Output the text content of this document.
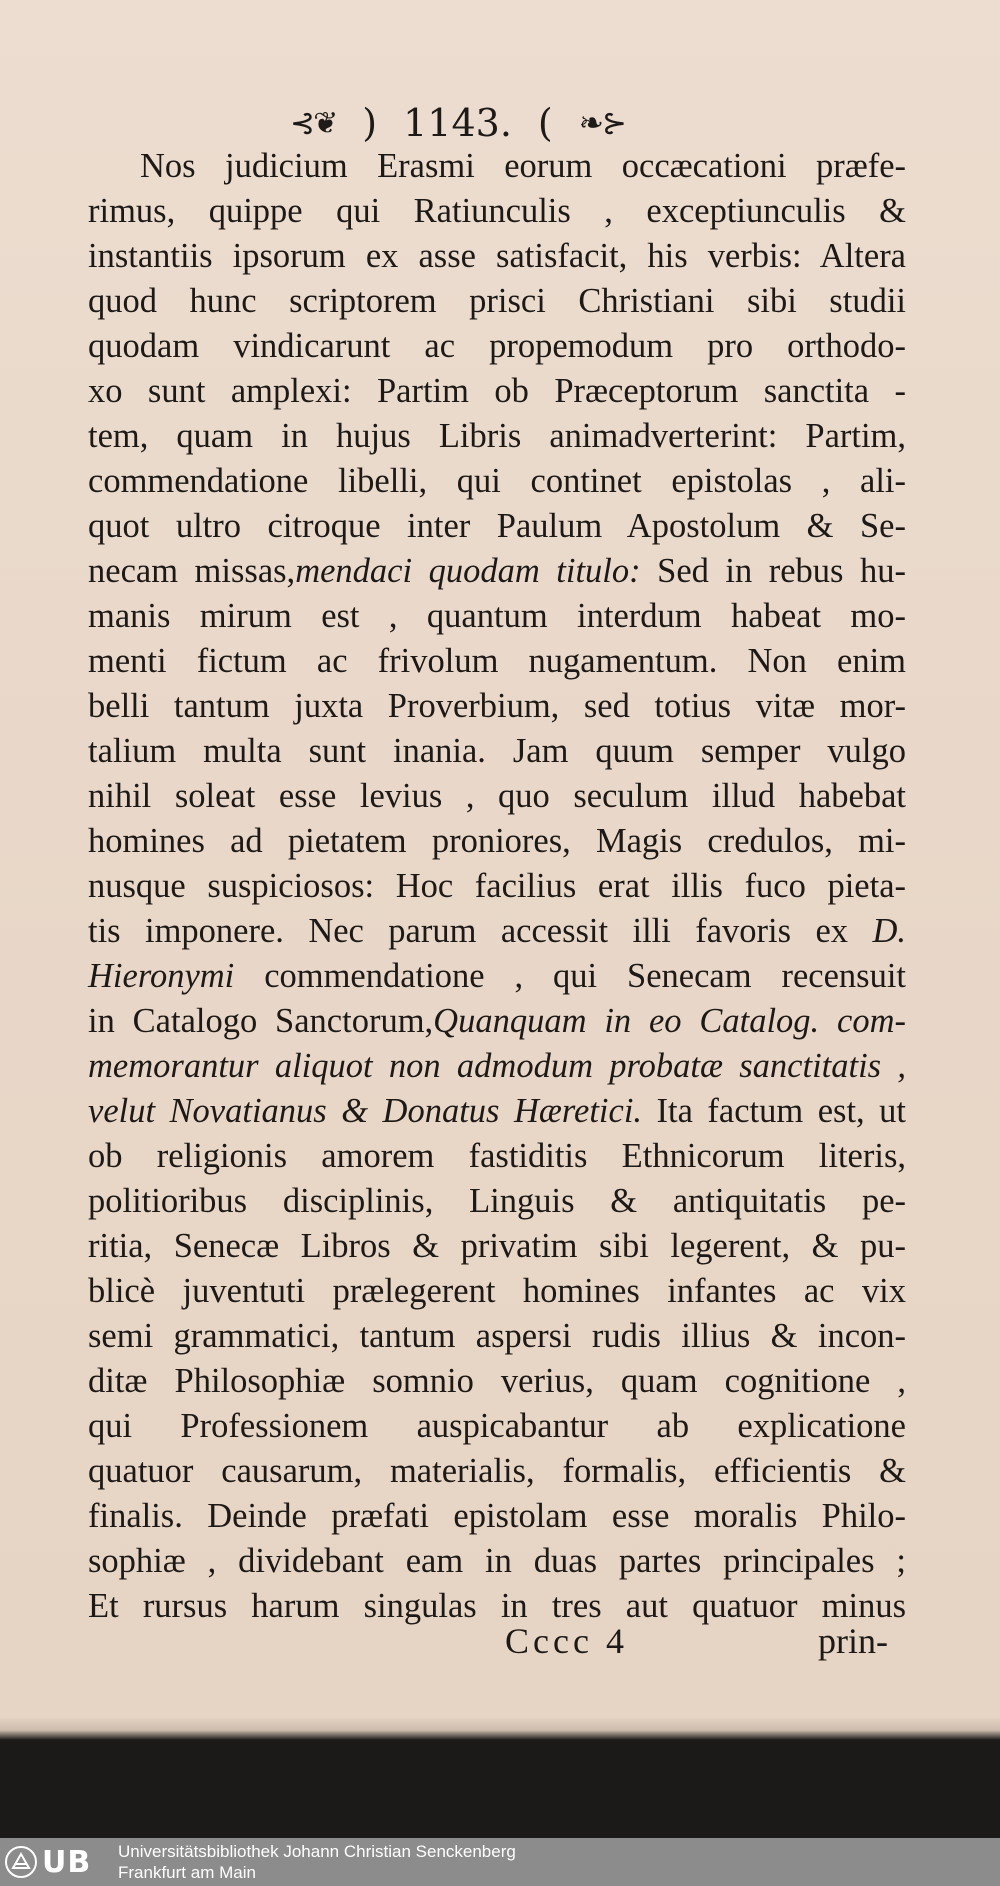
⊰❦ ) 1143. ( ❧⊱
Nos judicium Erasmi eorum occæcationi præfe-
rimus, quippe qui Ratiunculis , exceptiunculis &
instantiis ipsorum ex asse satisfacit, his verbis: Altera
quod hunc scriptorem prisci Christiani sibi studii
quodam vindicarunt ac propemodum pro orthodo-
xo sunt amplexi: Partim ob Præceptorum sanctita -
tem, quam in hujus Libris animadverterint: Partim,
commendatione libelli, qui continet epistolas , ali-
quot ultro citroque inter Paulum Apostolum & Se-
necam missas,mendaci quodam titulo: Sed in rebus hu-
manis mirum est , quantum interdum habeat mo-
menti fictum ac frivolum nugamentum. Non enim
belli tantum juxta Proverbium, sed totius vitæ mor-
talium multa sunt inania. Jam quum semper vulgo
nihil soleat esse levius , quo seculum illud habebat
homines ad pietatem proniores, Magis credulos, mi-
nusque suspiciosos: Hoc facilius erat illis fuco pieta-
tis imponere. Nec parum accessit illi favoris ex D.
Hieronymi commendatione , qui Senecam recensuit
in Catalogo Sanctorum,Quanquam in eo Catalog. com-
memorantur aliquot non admodum probatæ sanctitatis ,
velut Novatianus & Donatus Hæretici. Ita factum est, ut
ob religionis amorem fastiditis Ethnicorum literis,
politioribus disciplinis, Linguis & antiquitatis pe-
ritia, Senecæ Libros & privatim sibi legerent, & pu-
blicè juventuti prælegerent homines infantes ac vix
semi grammatici, tantum aspersi rudis illius & incon-
ditæ Philosophiæ somnio verius, quam cognitione ,
qui Professionem auspicabantur ab explicatione
quatuor causarum, materialis, formalis, efficientis &
finalis. Deinde præfati epistolam esse moralis Philo-
sophiæ , dividebant eam in duas partes principales ;
Et rursus harum singulas in tres aut quatuor minus
Cccc 4	prin-
UB Universitätsbibliothek Johann Christian Senckenberg
Frankfurt am Main
